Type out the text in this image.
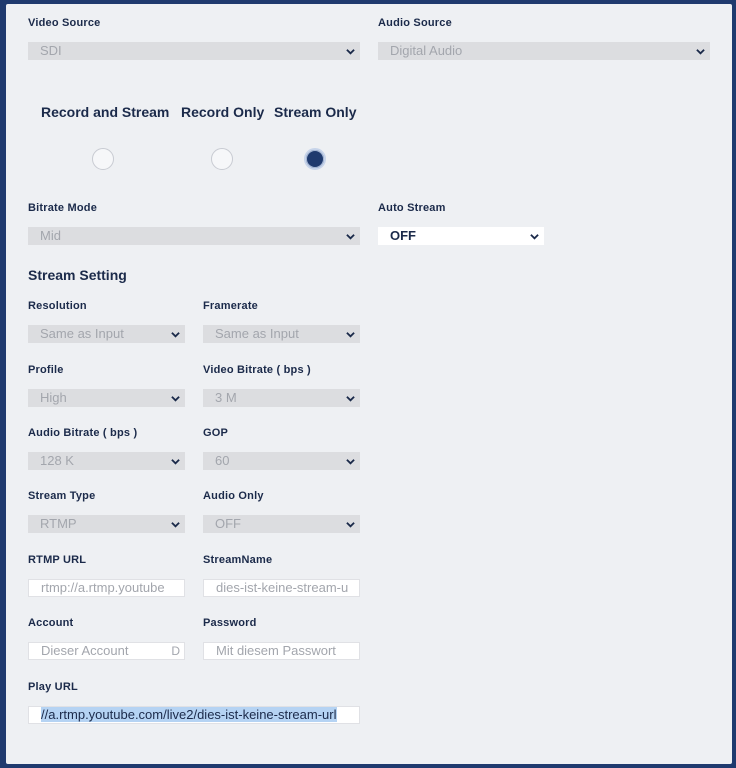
Video Source
SDI
Audio Source
Digital Audio
Record and Stream Record Only Stream Only
Bitrate Mode
Mid
Auto Stream
OFF
Stream Setting
Resolution
Same as Input
Framerate
Same as Input
Profile
High
Video Bitrate ( bps )
3 M
Audio Bitrate ( bps )
128 K
GOP
60
Stream Type
RTMP
Audio Only
OFF
RTMP URL
rtmp://a.rtmp.youtube
StreamName
dies-ist-keine-stream-u
Account
Dieser Account	D
Password
Mit diesem Passwort
Play URL
//a.rtmp.youtube.com/live2/dies-ist-keine-stream-url
